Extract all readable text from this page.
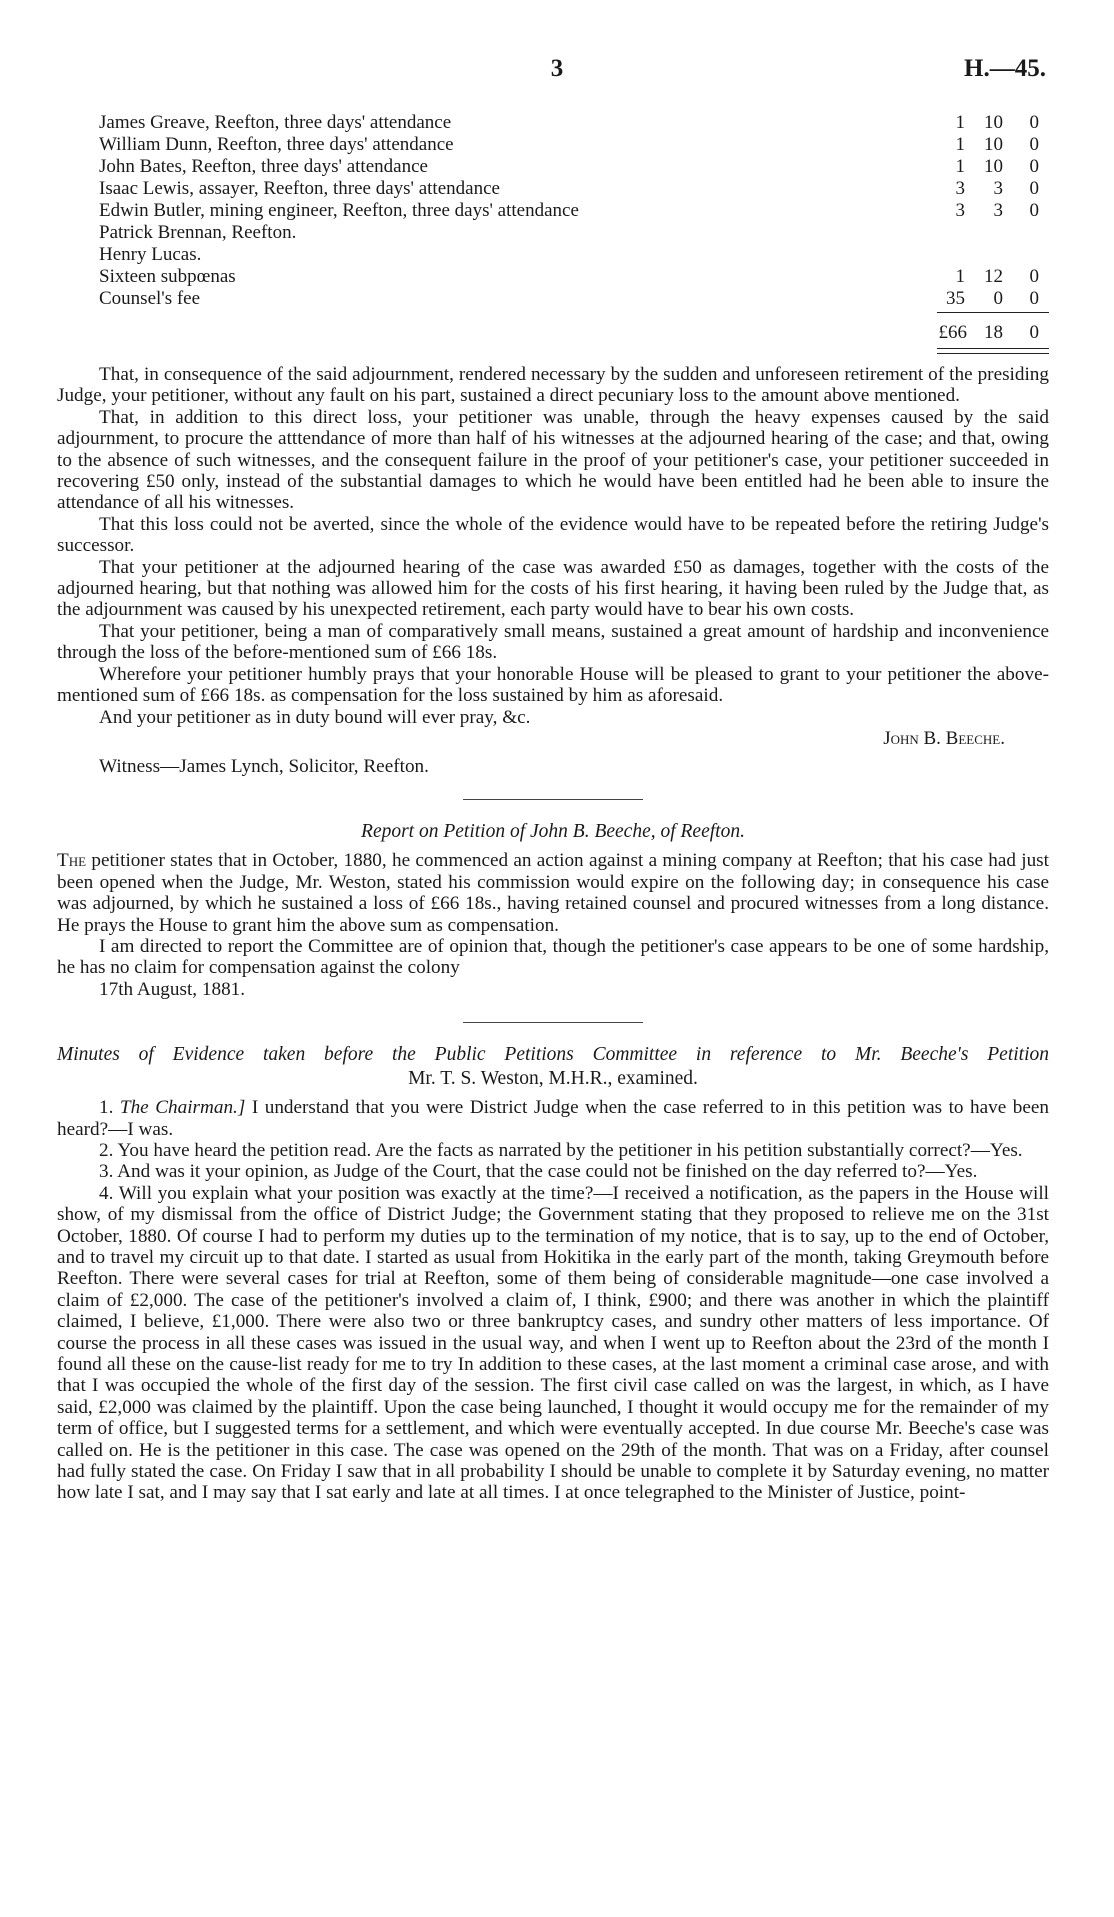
3	H.—45.
James Greave, Reefton, three days' attendance	1	10	0
William Dunn, Reefton, three days' attendance	1	10	0
John Bates, Reefton, three days' attendance	1	10	0
Isaac Lewis, assayer, Reefton, three days' attendance	3	3	0
Edwin Butler, mining engineer, Reefton, three days' attendance	3	3	0
Patrick Brennan, Reefton.
Henry Lucas.
Sixteen subpœnas	1	12	0
Counsel's fee	35	0	0
£66 18	0

That, in consequence of the said adjournment, rendered necessary by the sudden and unforeseen retirement of the presiding Judge, your petitioner, without any fault on his part, sustained a direct pecuniary loss to the amount above mentioned.

That, in addition to this direct loss, your petitioner was unable, through the heavy expenses caused by the said adjournment, to procure the atttendance of more than half of his witnesses at the adjourned hearing of the case; and that, owing to the absence of such witnesses, and the consequent failure in the proof of your petitioner's case, your petitioner succeeded in recovering £50 only, instead of the substantial damages to which he would have been entitled had he been able to insure the attendance of all his witnesses.

That this loss could not be averted, since the whole of the evidence would have to be repeated before the retiring Judge's successor.

That your petitioner at the adjourned hearing of the case was awarded £50 as damages, together with the costs of the adjourned hearing, but that nothing was allowed him for the costs of his first hearing, it having been ruled by the Judge that, as the adjournment was caused by his unexpected retirement, each party would have to bear his own costs.

That your petitioner, being a man of comparatively small means, sustained a great amount of hardship and inconvenience through the loss of the before-mentioned sum of £66 18s.

Wherefore your petitioner humbly prays that your honorable House will be pleased to grant to your petitioner the above-mentioned sum of £66 18s. as compensation for the loss sustained by him as aforesaid.

And your petitioner as in duty bound will ever pray, &c.

John B. Beeche.

Witness—James Lynch, Solicitor, Reefton.

Report on Petition of John B. Beeche, of Reefton.

The petitioner states that in October, 1880, he commenced an action against a mining company at Reefton; that his case had just been opened when the Judge, Mr. Weston, stated his commission would expire on the following day; in consequence his case was adjourned, by which he sustained a loss of £66 18s., having retained counsel and procured witnesses from a long distance. He prays the House to grant him the above sum as compensation.

I am directed to report the Committee are of opinion that, though the petitioner's case appears to be one of some hardship, he has no claim for compensation against the colony

17th August, 1881.

Minutes of Evidence taken before the Public Petitions Committee in reference to Mr. Beeche's Petition

Mr. T. S. Weston, M.H.R., examined.

1. The Chairman.] I understand that you were District Judge when the case referred to in this petition was to have been heard?—I was.

2. You have heard the petition read. Are the facts as narrated by the petitioner in his petition substantially correct?—Yes.

3. And was it your opinion, as Judge of the Court, that the case could not be finished on the day referred to?—Yes.

4. Will you explain what your position was exactly at the time?—I received a notification, as the papers in the House will show, of my dismissal from the office of District Judge; the Government stating that they proposed to relieve me on the 31st October, 1880. Of course I had to perform my duties up to the termination of my notice, that is to say, up to the end of October, and to travel my circuit up to that date. I started as usual from Hokitika in the early part of the month, taking Greymouth before Reefton. There were several cases for trial at Reefton, some of them being of considerable magnitude—one case involved a claim of £2,000. The case of the petitioner's involved a claim of, I think, £900; and there was another in which the plaintiff claimed, I believe, £1,000. There were also two or three bankruptcy cases, and sundry other matters of less importance. Of course the process in all these cases was issued in the usual way, and when I went up to Reefton about the 23rd of the month I found all these on the cause-list ready for me to try In addition to these cases, at the last moment a criminal case arose, and with that I was occupied the whole of the first day of the session. The first civil case called on was the largest, in which, as I have said, £2,000 was claimed by the plaintiff. Upon the case being launched, I thought it would occupy me for the remainder of my term of office, but I suggested terms for a settlement, and which were eventually accepted. In due course Mr. Beeche's case was called on. He is the petitioner in this case. The case was opened on the 29th of the month. That was on a Friday, after counsel had fully stated the case. On Friday I saw that in all probability I should be unable to complete it by Saturday evening, no matter how late I sat, and I may say that I sat early and late at all times. I at once telegraphed to the Minister of Justice, point-
